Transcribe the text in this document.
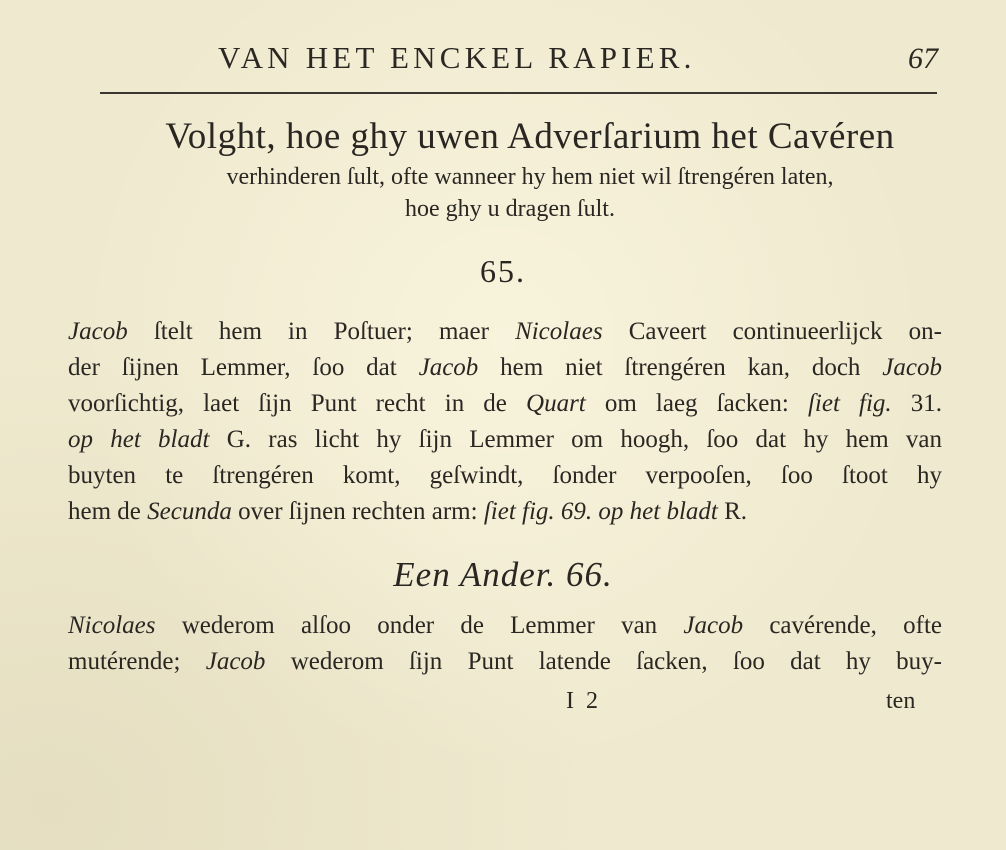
VAN HET ENCKEL RAPIER.	67
Volght, hoe ghy uwen Adverſarium het Cavéren
verhinderen ſult, ofte wanneer hy hem niet wil ſtrengéren laten,
hoe ghy u dragen ſult.
65.
Jacob ſtelt hem in Poſtuer; maer Nicolaes Caveert continueerlijck on-
der ſijnen Lemmer, ſoo dat Jacob hem niet ſtrengéren kan, doch Jacob
voorſichtig, laet ſijn Punt recht in de Quart om laeg ſacken: ſiet fig. 31.
op het bladt G. ras licht hy ſijn Lemmer om hoogh, ſoo dat hy hem van
buyten te ſtrengéren komt, geſwindt, ſonder verpooſen, ſoo ſtoot hy
hem de Secunda over ſijnen rechten arm: ſiet fig. 69. op het bladt R.
Een Ander. 66.
Nicolaes wederom alſoo onder de Lemmer van Jacob cavérende, ofte
mutérende; Jacob wederom ſijn Punt latende ſacken, ſoo dat hy buy-
I 2	ten
